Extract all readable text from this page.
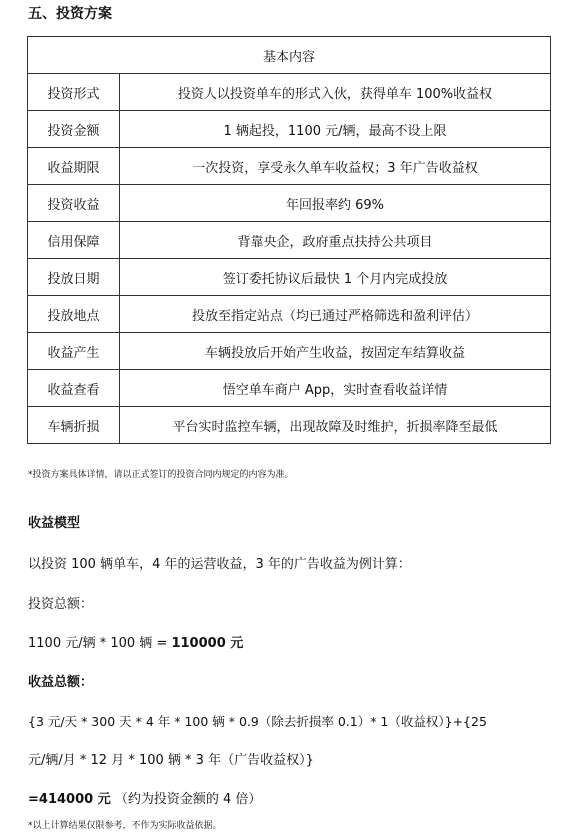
五、投资方案
基本内容	
投资形式	投资人以投资单车的形式入伙，获得单车 100%收益权
投资金额	1 辆起投，1100 元/辆，最高不设上限
收益期限	一次投资，享受永久单车收益权；3 年广告收益权
投资收益	年回报率约 69%
信用保障	背靠央企，政府重点扶持公共项目
投放日期	签订委托协议后最快 1 个月内完成投放
投放地点	投放至指定站点（均已通过严格筛选和盈利评估）
收益产生	车辆投放后开始产生收益，按固定车结算收益
收益查看	悟空单车商户 App，实时查看收益详情
车辆折损	平台实时监控车辆，出现故障及时维护，折损率降至最低
*投资方案具体详情，请以正式签订的投资合同内规定的内容为准。
收益模型
以投资 100 辆单车，4 年的运营收益，3 年的广告收益为例计算：
投资总额：
1100 元/辆 * 100 辆 = 110000 元
收益总额：
{3 元/天 * 300 天 * 4 年 * 100 辆 * 0.9（除去折损率 0.1）* 1（收益权）}+{25
元/辆/月 * 12 月 * 100 辆 * 3 年（广告收益权）}
=414000 元 （约为投资金额的 4 倍）
*以上计算结果仅限参考，不作为实际收益依据。
